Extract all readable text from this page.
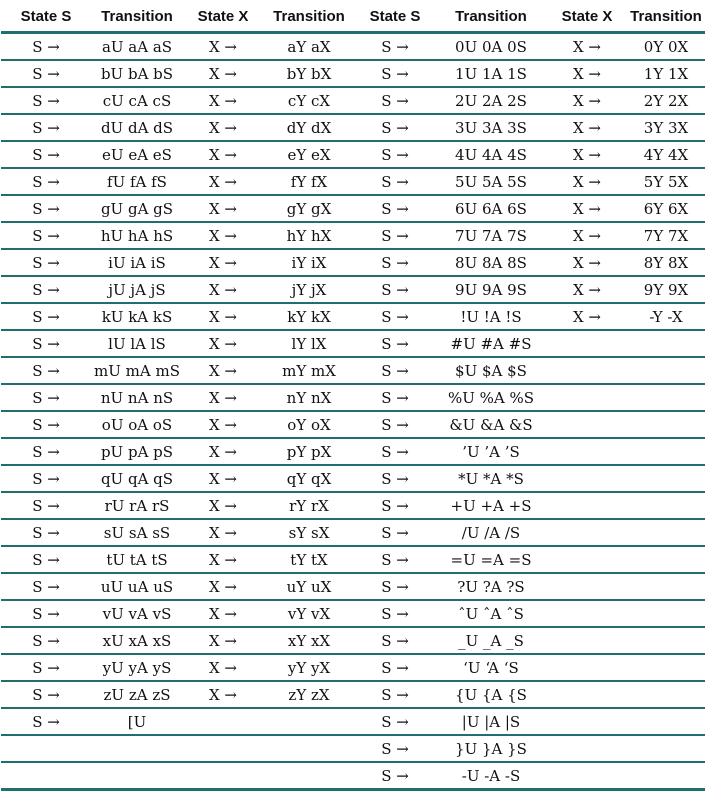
State S	Transition	State X	Transition	State S	Transition	State X	Transition
S →	aU aA aS	X →	aY aX	S →	0U 0A 0S	X →	0Y 0X
S →	bU bA bS	X →	bY bX	S →	1U 1A 1S	X →	1Y 1X
S →	cU cA cS	X →	cY cX	S →	2U 2A 2S	X →	2Y 2X
S →	dU dA dS	X →	dY dX	S →	3U 3A 3S	X →	3Y 3X
S →	eU eA eS	X →	eY eX	S →	4U 4A 4S	X →	4Y 4X
S →	fU fA fS	X →	fY fX	S →	5U 5A 5S	X →	5Y 5X
S →	gU gA gS	X →	gY gX	S →	6U 6A 6S	X →	6Y 6X
S →	hU hA hS	X →	hY hX	S →	7U 7A 7S	X →	7Y 7X
S →	iU iA iS	X →	iY iX	S →	8U 8A 8S	X →	8Y 8X
S →	jU jA jS	X →	jY jX	S →	9U 9A 9S	X →	9Y 9X
S →	kU kA kS	X →	kY kX	S →	!U !A !S	X →	-Y -X
S →	lU lA lS	X →	lY lX	S →	#U #A #S		
S →	mU mA mS	X →	mY mX	S →	$U $A $S		
S →	nU nA nS	X →	nY nX	S →	%U %A %S		
S →	oU oA oS	X →	oY oX	S →	&U &A &S		
S →	pU pA pS	X →	pY pX	S →	’U ’A ’S		
S →	qU qA qS	X →	qY qX	S →	*U *A *S		
S →	rU rA rS	X →	rY rX	S →	+U +A +S		
S →	sU sA sS	X →	sY sX	S →	/U /A /S		
S →	tU tA tS	X →	tY tX	S →	=U =A =S		
S →	uU uA uS	X →	uY uX	S →	?U ?A ?S		
S →	vU vA vS	X →	vY vX	S →	ˆU ˆA ˆS		
S →	xU xA xS	X →	xY xX	S →	_U _A _S		
S →	yU yA yS	X →	yY yX	S →	‘U ‘A ‘S		
S →	zU zA zS	X →	zY zX	S →	{U {A {S		
S →	[U			S →	|U |A |S		
				S →	}U }A }S		
				S →	-U -A -S		
